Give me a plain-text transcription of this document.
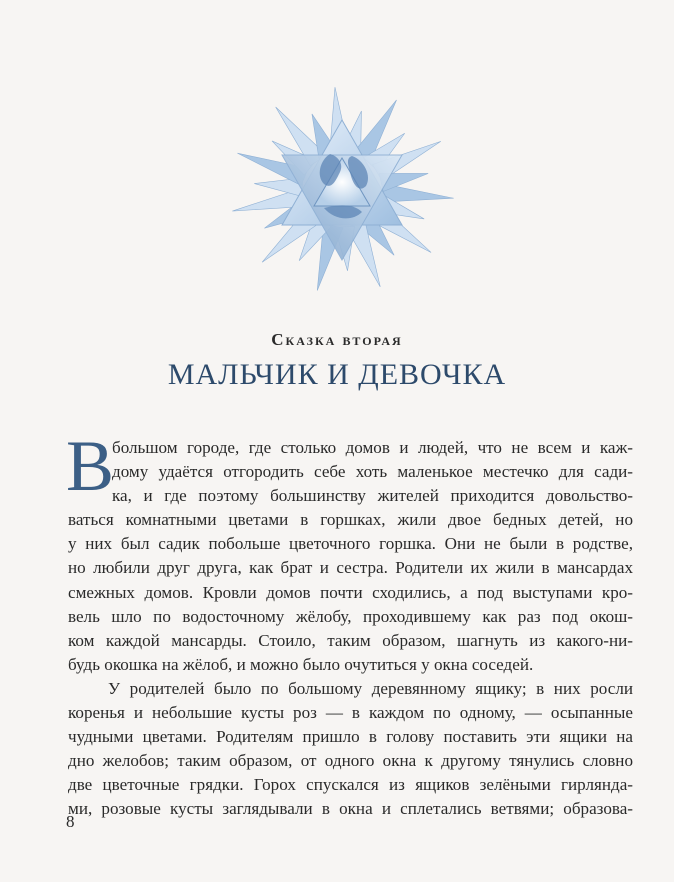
Сказка вторая
МАЛЬЧИК И ДЕВОЧКА
В
большом городе, где столько домов и людей, что не всем и каж-
дому удаётся отгородить себе хоть маленькое местечко для сади-
ка, и где поэтому большинству жителей приходится довольство-
ваться комнатными цветами в горшках, жили двое бедных детей, но
у них был садик побольше цветочного горшка. Они не были в родстве,
но любили друг друга, как брат и сестра. Родители их жили в мансардах
смежных домов. Кровли домов почти сходились, а под выступами кро-
вель шло по водосточному жёлобу, проходившему как раз под окош-
ком каждой мансарды. Стоило, таким образом, шагнуть из какого-ни-
будь окошка на жёлоб, и можно было очутиться у окна соседей.
У родителей было по большому деревянному ящику; в них росли
коренья и небольшие кусты роз — в каждом по одному, — осыпанные
чудными цветами. Родителям пришло в голову поставить эти ящики на
дно желобов; таким образом, от одного окна к другому тянулись словно
две цветочные грядки. Горох спускался из ящиков зелёными гирлянда-
ми, розовые кусты заглядывали в окна и сплетались ветвями; образова-
8
